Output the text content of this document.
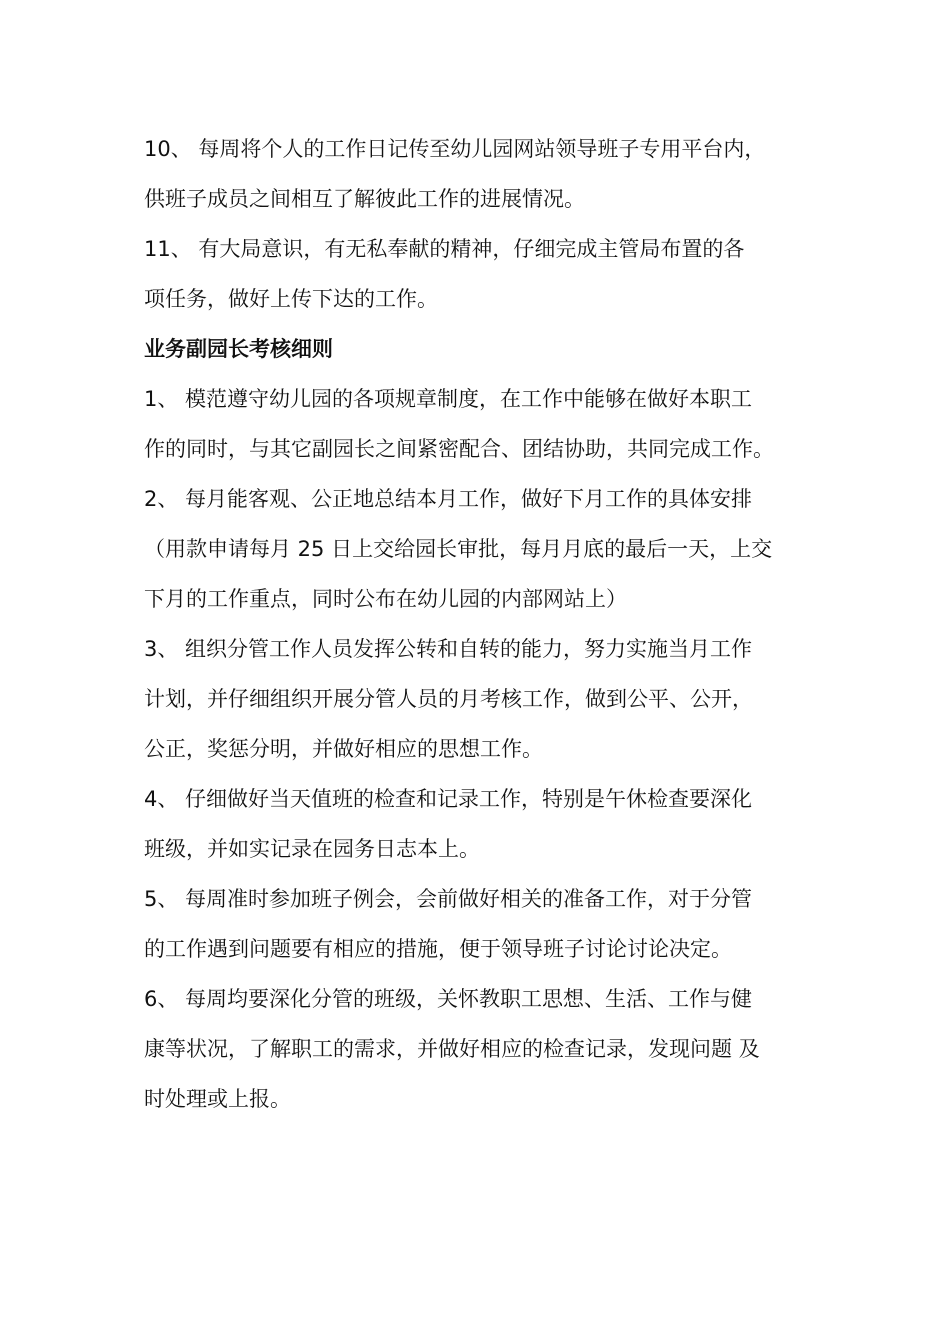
10、 每周将个人的工作日记传至幼儿园网站领导班子专用平台内，
供班子成员之间相互了解彼此工作的进展情况。
11、 有大局意识，有无私奉献的精神，仔细完成主管局布置的各
项任务，做好上传下达的工作。
业务副园长考核细则
1、 模范遵守幼儿园的各项规章制度，在工作中能够在做好本职工
作的同时，与其它副园长之间紧密配合、团结协助，共同完成工作。
2、 每月能客观、公正地总结本月工作，做好下月工作的具体安排
（用款申请每月 25 日上交给园长审批，每月月底的最后一天，上交
下月的工作重点，同时公布在幼儿园的内部网站上）
3、 组织分管工作人员发挥公转和自转的能力，努力实施当月工作
计划，并仔细组织开展分管人员的月考核工作，做到公平、公开，
公正，奖惩分明，并做好相应的思想工作。
4、 仔细做好当天值班的检查和记录工作，特别是午休检查要深化
班级，并如实记录在园务日志本上。
5、 每周准时参加班子例会，会前做好相关的准备工作，对于分管
的工作遇到问题要有相应的措施，便于领导班子讨论讨论决定。
6、 每周均要深化分管的班级，关怀教职工思想、生活、工作与健
康等状况，了解职工的需求，并做好相应的检查记录，发现问题 及
时处理或上报。
